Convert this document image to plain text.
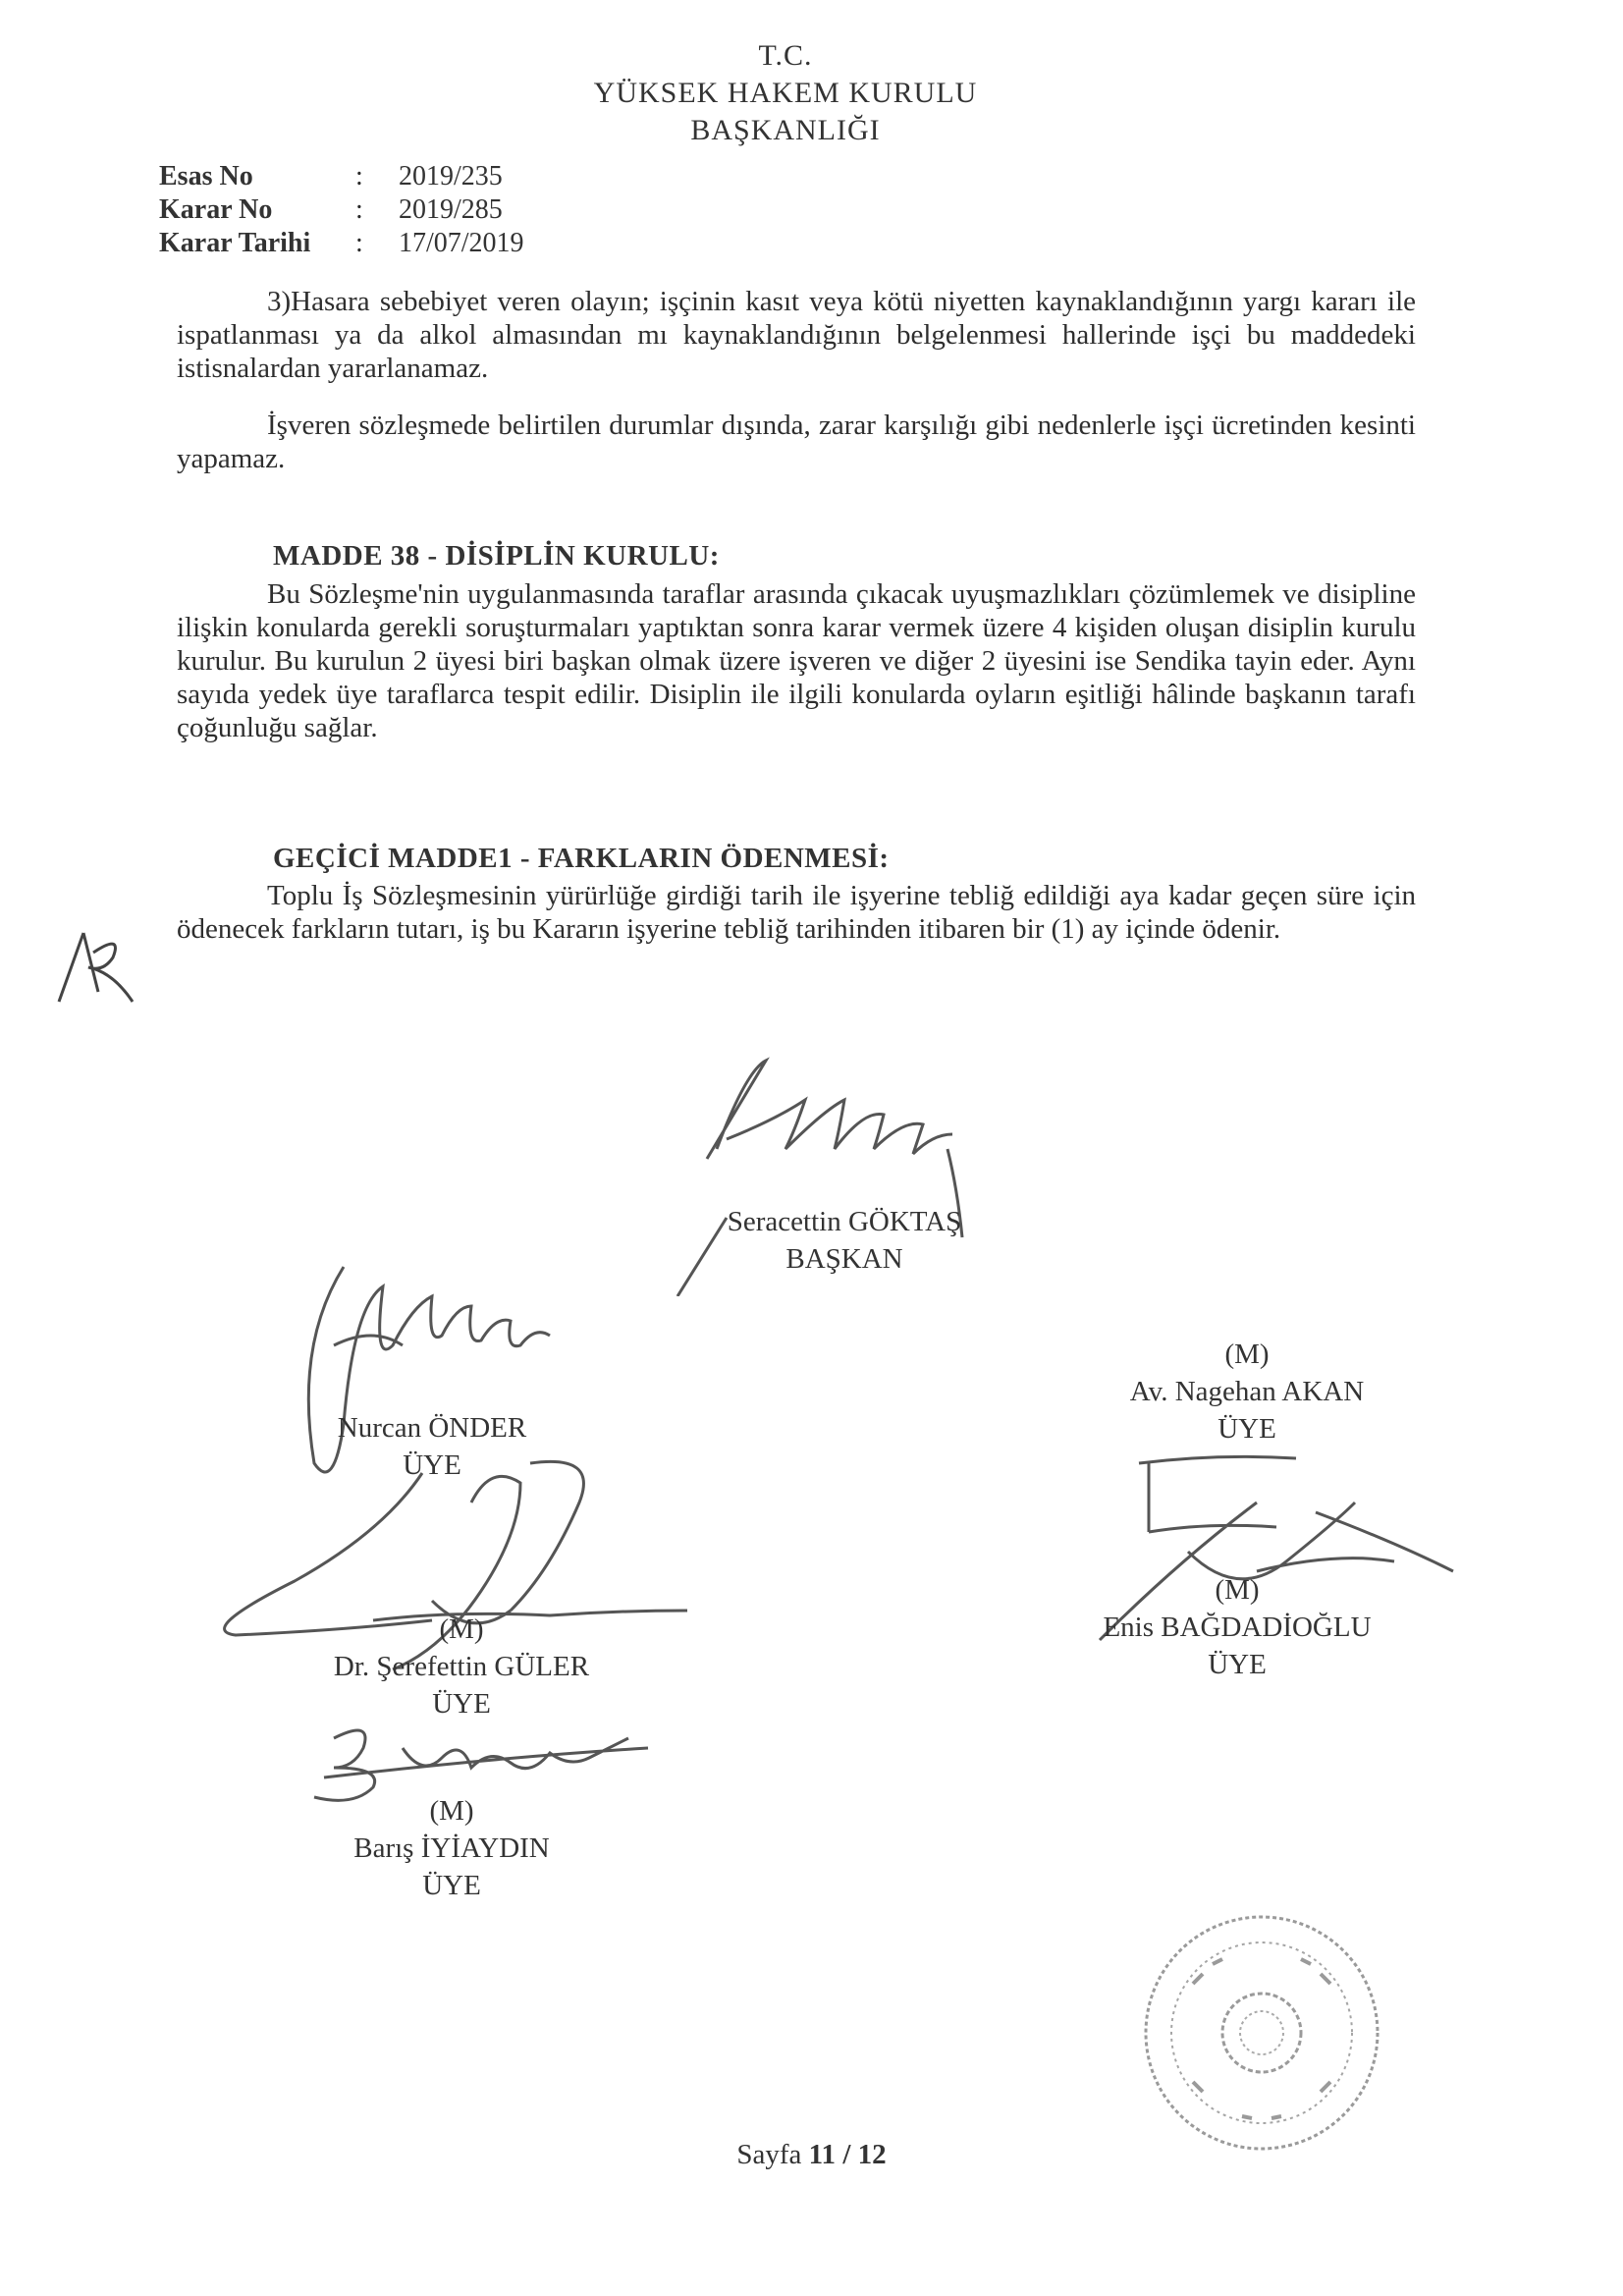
T.C.
YÜKSEK HAKEM KURULU
BAŞKANLIĞI
Esas No	:	2019/235
Karar No	:	2019/285
Karar Tarihi	:	17/07/2019
3)Hasara sebebiyet veren olayın; işçinin kasıt veya kötü niyetten kaynaklandığının yargı kararı ile ispatlanması ya da alkol almasından mı kaynaklandığının belgelenmesi hallerinde işçi bu maddedeki istisnalardan yararlanamaz.
İşveren sözleşmede belirtilen durumlar dışında, zarar karşılığı gibi nedenlerle işçi ücretinden kesinti yapamaz.
MADDE 38 - DİSİPLİN KURULU:
Bu Sözleşme'nin uygulanmasında taraflar arasında çıkacak uyuşmazlıkları çözümlemek ve disipline ilişkin konularda gerekli soruşturmaları yaptıktan sonra karar vermek üzere 4 kişiden oluşan disiplin kurulu kurulur. Bu kurulun 2 üyesi biri başkan olmak üzere işveren ve diğer 2 üyesini ise Sendika tayin eder. Aynı sayıda yedek üye taraflarca tespit edilir. Disiplin ile ilgili konularda oyların eşitliği hâlinde başkanın tarafı çoğunluğu sağlar.
GEÇİCİ MADDE1 - FARKLARIN ÖDENMESİ:
Toplu İş Sözleşmesinin yürürlüğe girdiği tarih ile işyerine tebliğ edildiği aya kadar geçen süre için ödenecek farkların tutarı, iş bu Kararın işyerine tebliğ tarihinden itibaren bir (1) ay içinde ödenir.
Seracettin GÖKTAŞ
BAŞKAN
Nurcan ÖNDER
ÜYE
(M)
Av. Nagehan AKAN
ÜYE
(M)
Enis BAĞDADİOĞLU
ÜYE
(M)
Dr. Şerefettin GÜLER
ÜYE
(M)
Barış İYİAYDIN
ÜYE
Sayfa 11 / 12
